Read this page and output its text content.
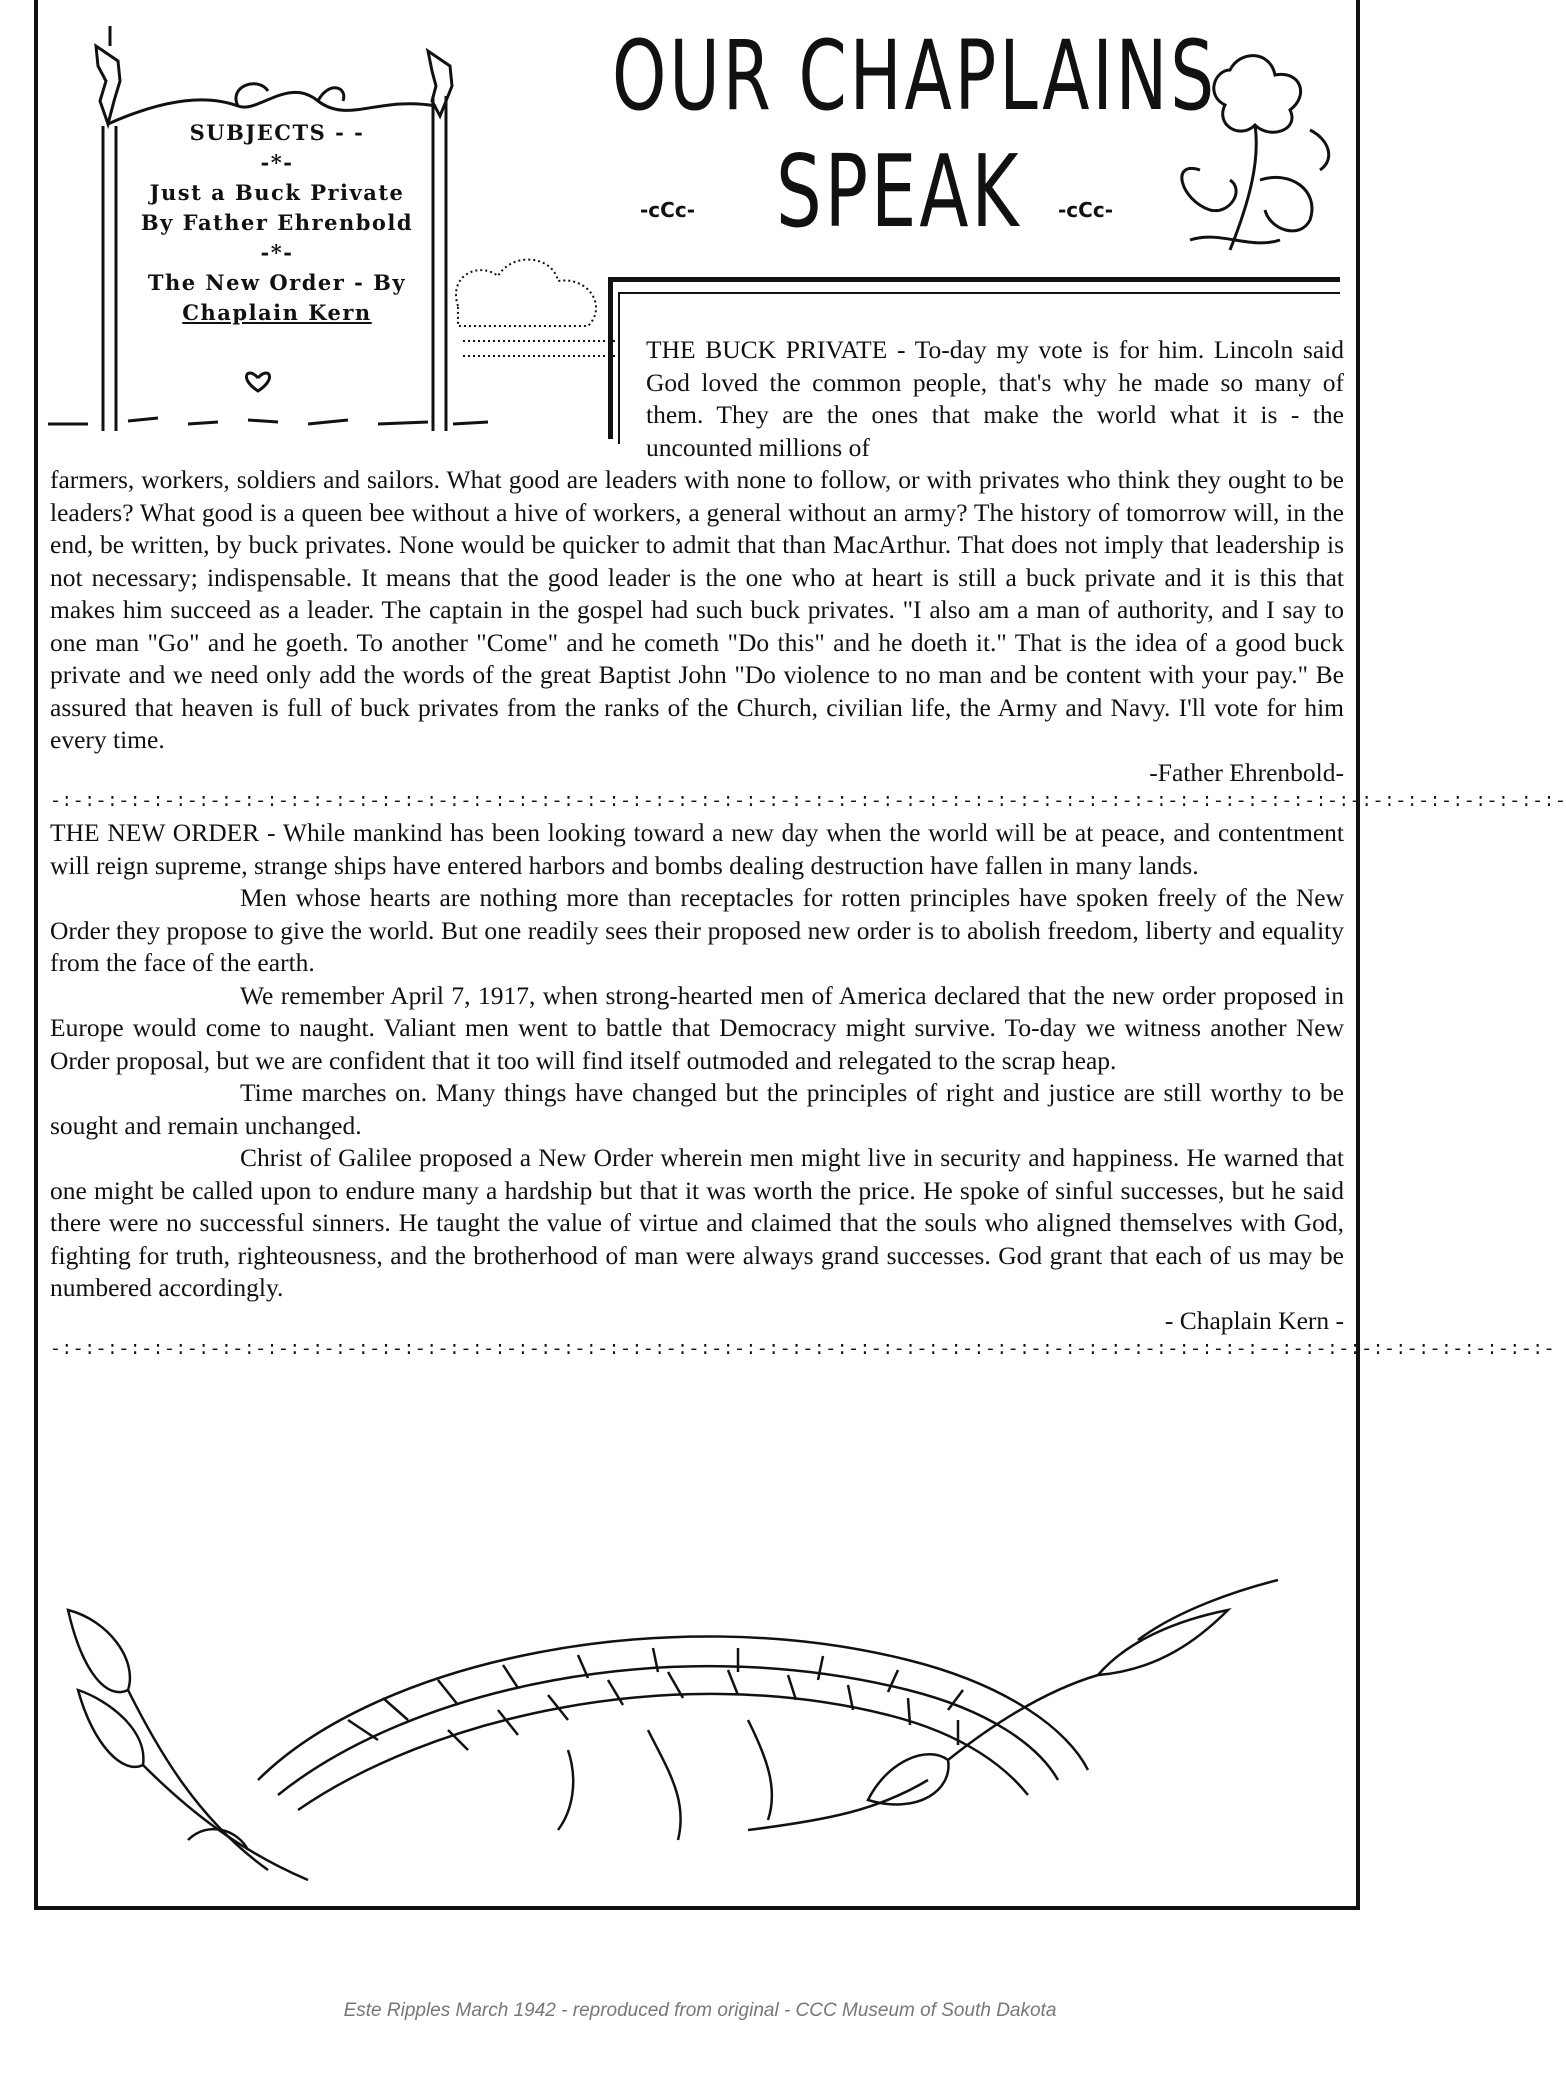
SUBJECTS - -
-*-
Just a Buck Private
By Father Ehrenbold
-*-
The New Order - By
Chaplain Kern
OUR CHAPLAINS
SPEAK
-cCc-	-cCc-
THE BUCK PRIVATE - To-day my vote is for him. Lincoln said God loved the common people, that's why he made so many of them. They are the ones that make the world what it is - the uncounted millions of
farmers, workers, soldiers and sailors. What good are leaders with none to follow, or with privates who think they ought to be leaders? What good is a queen bee without a hive of workers, a general without an army? The history of tomorrow will, in the end, be written, by buck privates. None would be quicker to admit that than MacArthur. That does not imply that leadership is not necessary; indispensable. It means that the good leader is the one who at heart is still a buck private and it is this that makes him succeed as a leader. The captain in the gospel had such buck privates. "I also am a man of authority, and I say to one man "Go" and he goeth. To another "Come" and he cometh "Do this" and he doeth it." That is the idea of a good buck private and we need only add the words of the great Baptist John "Do violence to no man and be content with your pay." Be assured that heaven is full of buck privates from the ranks of the Church, civilian life, the Army and Navy. I'll vote for him every time.
-Father Ehrenbold-
-:-:-:-:-:-:-:-:-:-:-:-:-:-:-:-:-:-:-:-:-:-:-:-:-:-:-:-:-:-:-:-:-:-:-:-:-:-:-:-:-:-:-:-:-:-:-:-:-:-:-:-:-:-:-:-:-:-:-:-:-:-:-:-:-:-:-
THE NEW ORDER - While mankind has been looking toward a new day when the world will be at peace, and contentment will reign supreme, strange ships have entered harbors and bombs dealing destruction have fallen in many lands.
Men whose hearts are nothing more than receptacles for rotten principles have spoken freely of the New Order they propose to give the world. But one readily sees their proposed new order is to abolish freedom, liberty and equality from the face of the earth.
We remember April 7, 1917, when strong-hearted men of America declared that the new order proposed in Europe would come to naught. Valiant men went to battle that Democracy might survive. To-day we witness another New Order proposal, but we are confident that it too will find itself outmoded and relegated to the scrap heap.
Time marches on. Many things have changed but the principles of right and justice are still worthy to be sought and remain unchanged.
Christ of Galilee proposed a New Order wherein men might live in security and happiness. He warned that one might be called upon to endure many a hardship but that it was worth the price. He spoke of sinful successes, but he said there were no successful sinners. He taught the value of virtue and claimed that the souls who aligned themselves with God, fighting for truth, righteousness, and the brotherhood of man were always grand successes. God grant that each of us may be numbered accordingly.
- Chaplain Kern -
-:-:-:-:-:-:-:-:-:-:-:-:-:-:-:-:-:-:-:-:-:-:-:-:-:-:-:-:-:-:-:-:-:-:-:-:-:-:-:-:-:-:-:-:-:-:-:-:-:-:-:-:-:--:-:-:-:-:-:-:-:-:-:-:-:-
Este Ripples March 1942 - reproduced from original - CCC Museum of South Dakota
